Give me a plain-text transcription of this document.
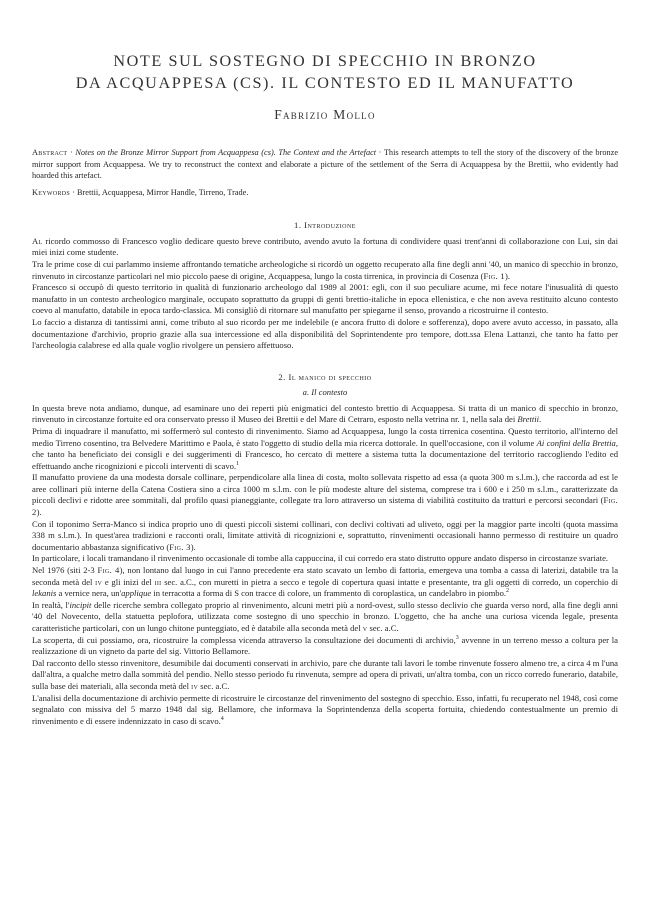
NOTE SUL SOSTEGNO DI SPECCHIO IN BRONZO
DA ACQUAPPESA (CS). IL CONTESTO ED IL MANUFATTO
Fabrizio Mollo
Abstract · Notes on the Bronze Mirror Support from Acquappesa (cs). The Context and the Artefact · This research attempts to tell the story of the discovery of the bronze mirror support from Acquappesa. We try to reconstruct the context and elaborate a picture of the settlement of the Serra di Acquappesa by the Brettii, who evidently had hoarded this artefact.
Keywords · Brettii, Acquappesa, Mirror Handle, Tirreno, Trade.
1. Introduzione

Al ricordo commosso di Francesco voglio dedicare questo breve contributo, avendo avuto la fortuna di condividere quasi trent'anni di collaborazione con Lui, sin dai miei inizi come studente.

Tra le prime cose di cui parlammo insieme affrontando tematiche archeologiche si ricordò un oggetto recuperato alla fine degli anni '40, un manico di specchio in bronzo, rinvenuto in circostanze particolari nel mio piccolo paese di origine, Acquappesa, lungo la costa tirrenica, in provincia di Cosenza (Fig. 1).

Francesco si occupò di questo territorio in qualità di funzionario archeologo dal 1989 al 2001: egli, con il suo peculiare acume, mi fece notare l'inusualità di questo manufatto in un contesto archeologico marginale, occupato soprattutto da gruppi di genti brettio-italiche in epoca ellenistica, e che non aveva restituito alcuno contesto coevo al manufatto, databile in epoca tardo-classica. Mi consigliò di ritornare sul manufatto per spiegarne il senso, provando a ricostruirne il contesto.

Lo faccio a distanza di tantissimi anni, come tributo al suo ricordo per me indelebile (e ancora frutto di dolore e sofferenza), dopo avere avuto accesso, in passato, alla documentazione d'archivio, proprio grazie alla sua intercessione ed alla disponibilità del Soprintendente pro tempore, dott.ssa Elena Lattanzi, che tanto ha fatto per l'archeologia calabrese ed alla quale voglio rivolgere un pensiero affettuoso.

2. Il manico di specchio
a. Il contesto

In questa breve nota andiamo, dunque, ad esaminare uno dei reperti più enigmatici del contesto brettio di Acquappesa. Si tratta di un manico di specchio in bronzo, rinvenuto in circostanze fortuite ed ora conservato presso il Museo dei Brettii e del Mare di Cetraro, esposto nella vetrina nr. 1, nella sala dei Brettii.

Prima di inquadrare il manufatto, mi soffermerò sul contesto di rinvenimento. Siamo ad Acquappesa, lungo la costa tirrenica cosentina. Questo territorio, all'interno del medio Tirreno cosentino, tra Belvedere Marittimo e Paola, è stato l'oggetto di studio della mia ricerca dottorale. In quell'occasione, con il volume Ai confini della Brettia, che tanto ha beneficiato dei consigli e dei suggerimenti di Francesco, ho cercato di mettere a sistema tutta la documentazione del territorio raccogliendo l'edito ed effettuando anche ricognizioni e piccoli interventi di scavo.$^1$

Il manufatto proviene da una modesta dorsale collinare, perpendicolare alla linea di costa, molto sollevata rispetto ad essa (a quota 300 m s.l.m.), che raccorda ad est le aree collinari più interne della Catena Costiera sino a circa 1000 m s.l.m. con le più modeste alture del sistema, comprese tra i 600 e i 250 m s.l.m., caratterizzate da piccoli declivi e ridotte aree sommitali, dal profilo quasi pianeggiante, collegate tra loro attraverso un sistema di viabilità costituito da tratturi e percorsi secondari (Fig. 2).

Con il toponimo Serra-Manco si indica proprio uno di questi piccoli sistemi collinari, con declivi coltivati ad uliveto, oggi per la maggior parte incolti (quota massima 338 m s.l.m.). In quest'area tradizioni e racconti orali, limitate attività di ricognizioni e, soprattutto, rinvenimenti occasionali hanno permesso di restituire un quadro documentario abbastanza significativo (Fig. 3).

In particolare, i locali tramandano il rinvenimento occasionale di tombe alla cappuccina, il cui corredo era stato distrutto oppure andato disperso in circostanze svariate.

Nel 1976 (siti 2-3 Fig. 4), non lontano dal luogo in cui l'anno precedente era stato scavato un lembo di fattoria, emergeva una tomba a cassa di laterizi, databile tra la seconda metà del iv e gli inizi del iii sec. a.C., con muretti in pietra a secco e tegole di copertura quasi intatte e presentante, tra gli oggetti di corredo, un coperchio di lekanis a vernice nera, un'applique in terracotta a forma di S con tracce di colore, un frammento di coroplastica, un candelabro in piombo.$^2$

In realtà, l'incipit delle ricerche sembra collegato proprio al rinvenimento, alcuni metri più a nord-ovest, sullo stesso declivio che guarda verso nord, alla fine degli anni '40 del Novecento, della statuetta peplofora, utilizzata come sostegno di uno specchio in bronzo. L'oggetto, che ha anche una curiosa vicenda legale, presenta caratteristiche particolari, con un lungo chitone punteggiato, ed è databile alla seconda metà del v sec. a.C.

La scoperta, di cui possiamo, ora, ricostruire la complessa vicenda attraverso la consultazione dei documenti di archivio,$^3$ avvenne in un terreno messo a coltura per la realizzazione di un vigneto da parte del sig. Vittorio Bellamore.

Dal racconto dello stesso rinvenitore, desumibile dai documenti conservati in archivio, pare che durante tali lavori le tombe rinvenute fossero almeno tre, a circa 4 m l'una dall'altra, a qualche metro dalla sommità del pendio. Nello stesso periodo fu rinvenuta, sempre ad opera di privati, un'altra tomba, con un ricco corredo funerario, databile, sulla base dei materiali, alla seconda metà del iv sec. a.C.

L'analisi della documentazione di archivio permette di ricostruire le circostanze del rinvenimento del sostegno di specchio. Esso, infatti, fu recuperato nel 1948, così come segnalato con missiva del 5 marzo 1948 dal sig. Bellamore, che informava la Soprintendenza della scoperta fortuita, chiedendo contestualmente un premio di rinvenimento e di essere indennizzato in caso di scavo.$^4$
